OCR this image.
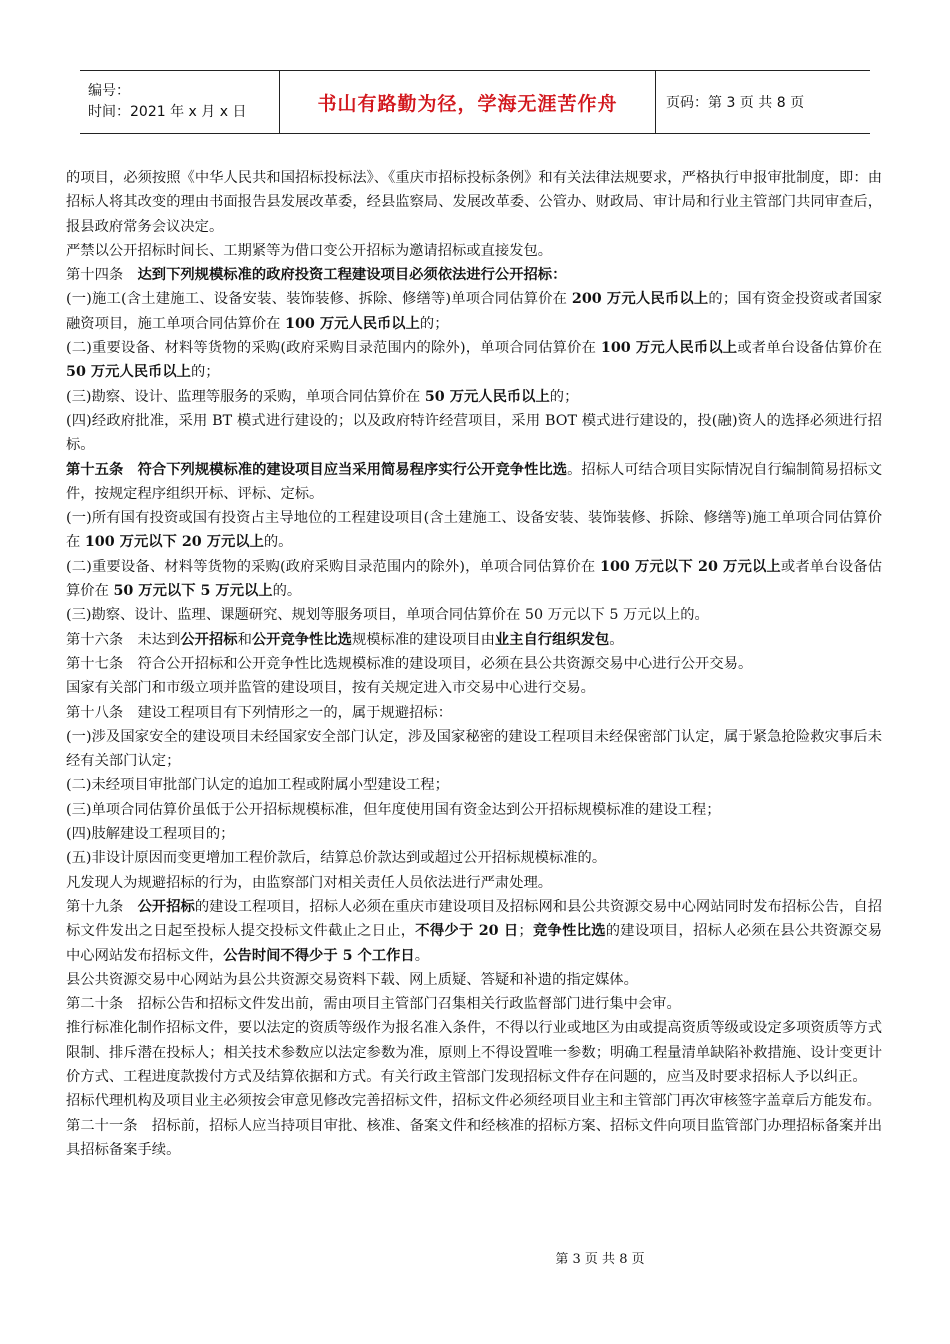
编号：
时间：2021 年 x 月 x 日	书山有路勤为径，学海无涯苦作舟	页码：第 3 页 共 8 页

的项目，必须按照《中华人民共和国招标投标法》、《重庆市招标投标条例》和有关法律法规要求，严格执行申报审批制度，即：由招标人将其改变的理由书面报告县发展改革委，经县监察局、发展改革委、公管办、财政局、审计局和行业主管部门共同审查后，报县政府常务会议决定。

严禁以公开招标时间长、工期紧等为借口变公开招标为邀请招标或直接发包。

第十四条　达到下列规模标准的政府投资工程建设项目必须依法进行公开招标：

(一)施工(含土建施工、设备安装、装饰装修、拆除、修缮等)单项合同估算价在 200 万元人民币以上的；国有资金投资或者国家融资项目，施工单项合同估算价在 100 万元人民币以上的；

(二)重要设备、材料等货物的采购(政府采购目录范围内的除外)，单项合同估算价在 100 万元人民币以上或者单台设备估算价在 50 万元人民币以上的；

(三)勘察、设计、监理等服务的采购，单项合同估算价在 50 万元人民币以上的；

(四)经政府批准，采用 BT 模式进行建设的；以及政府特许经营项目，采用 BOT 模式进行建设的，投(融)资人的选择必须进行招标。

第十五条　符合下列规模标准的建设项目应当采用简易程序实行公开竞争性比选。招标人可结合项目实际情况自行编制简易招标文件，按规定程序组织开标、评标、定标。

(一)所有国有投资或国有投资占主导地位的工程建设项目(含土建施工、设备安装、装饰装修、拆除、修缮等)施工单项合同估算价在 100 万元以下 20 万元以上的。

(二)重要设备、材料等货物的采购(政府采购目录范围内的除外)，单项合同估算价在 100 万元以下 20 万元以上或者单台设备估算价在 50 万元以下 5 万元以上的。

(三)勘察、设计、监理、课题研究、规划等服务项目，单项合同估算价在 50 万元以下 5 万元以上的。

第十六条　未达到公开招标和公开竞争性比选规模标准的建设项目由业主自行组织发包。

第十七条　符合公开招标和公开竞争性比选规模标准的建设项目，必须在县公共资源交易中心进行公开交易。

国家有关部门和市级立项并监管的建设项目，按有关规定进入市交易中心进行交易。

第十八条　建设工程项目有下列情形之一的，属于规避招标：

(一)涉及国家安全的建设项目未经国家安全部门认定，涉及国家秘密的建设工程项目未经保密部门认定，属于紧急抢险救灾事后未经有关部门认定；

(二)未经项目审批部门认定的追加工程或附属小型建设工程；

(三)单项合同估算价虽低于公开招标规模标准，但年度使用国有资金达到公开招标规模标准的建设工程；

(四)肢解建设工程项目的；

(五)非设计原因而变更增加工程价款后，结算总价款达到或超过公开招标规模标准的。

凡发现人为规避招标的行为，由监察部门对相关责任人员依法进行严肃处理。

第十九条　公开招标的建设工程项目，招标人必须在重庆市建设项目及招标网和县公共资源交易中心网站同时发布招标公告，自招标文件发出之日起至投标人提交投标文件截止之日止，不得少于 20 日；竞争性比选的建设项目，招标人必须在县公共资源交易中心网站发布招标文件，公告时间不得少于 5 个工作日。

县公共资源交易中心网站为县公共资源交易资料下载、网上质疑、答疑和补遗的指定媒体。

第二十条　招标公告和招标文件发出前，需由项目主管部门召集相关行政监督部门进行集中会审。

推行标准化制作招标文件，要以法定的资质等级作为报名准入条件，不得以行业或地区为由或提高资质等级或设定多项资质等方式限制、排斥潜在投标人；相关技术参数应以法定参数为准，原则上不得设置唯一参数；明确工程量清单缺陷补救措施、设计变更计价方式、工程进度款拨付方式及结算依据和方式。有关行政主管部门发现招标文件存在问题的，应当及时要求招标人予以纠正。

招标代理机构及项目业主必须按会审意见修改完善招标文件，招标文件必须经项目业主和主管部门再次审核签字盖章后方能发布。

第二十一条　招标前，招标人应当持项目审批、核准、备案文件和经核准的招标方案、招标文件向项目监管部门办理招标备案并出具招标备案手续。

第 3 页 共 8 页
